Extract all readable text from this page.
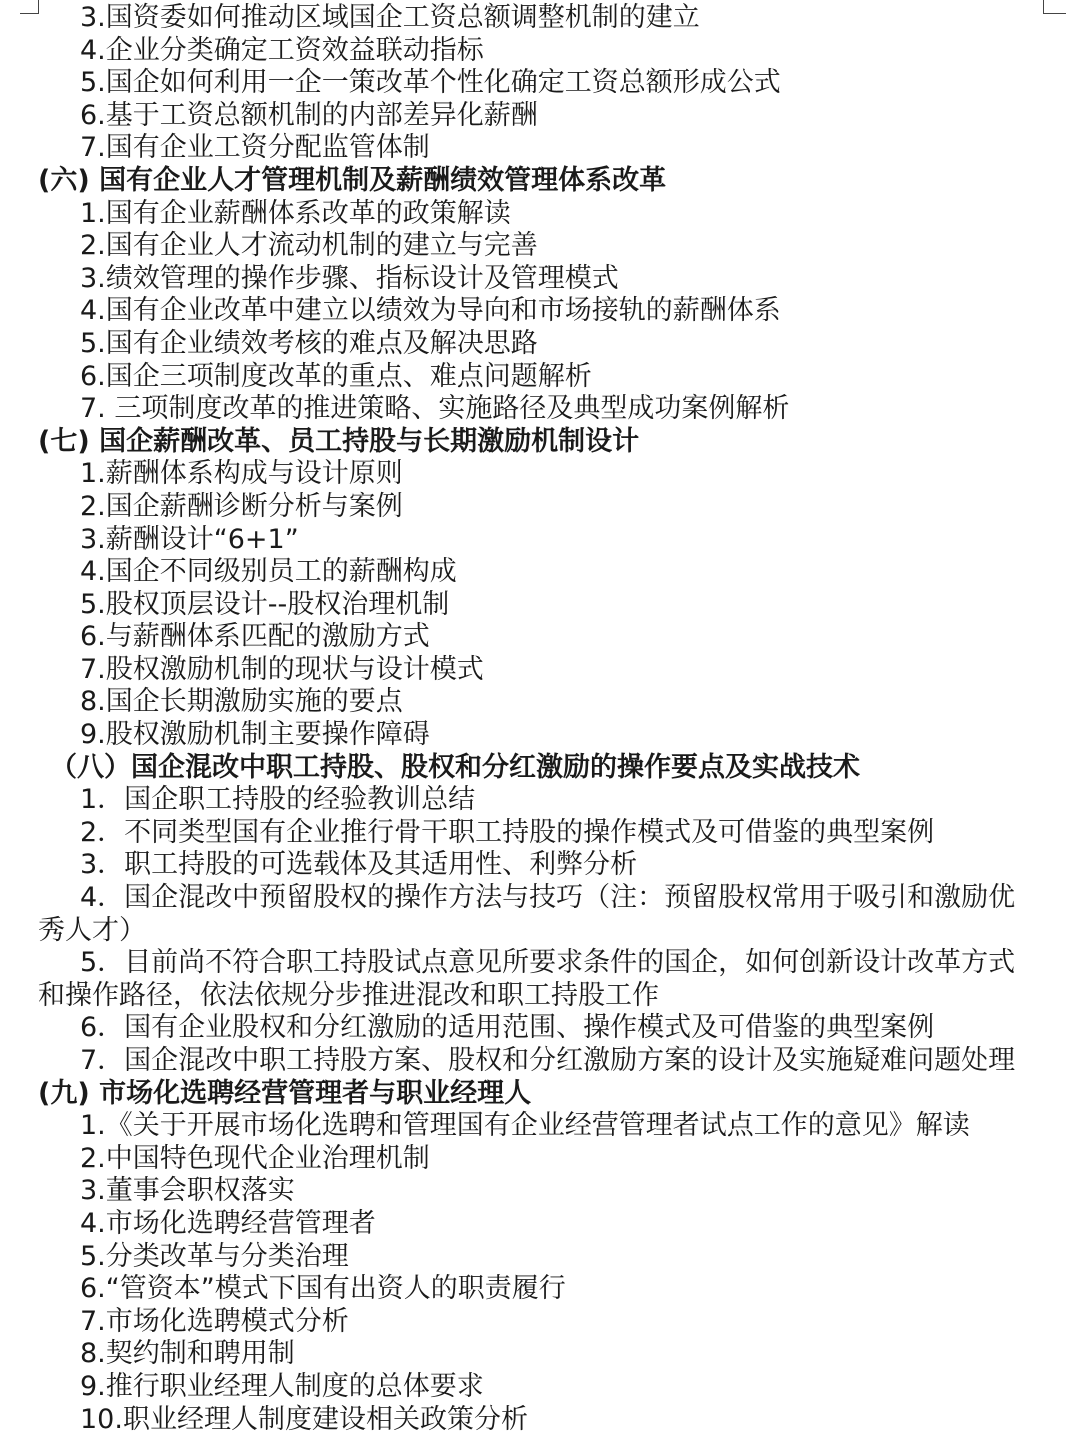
3.国资委如何推动区域国企工资总额调整机制的建立
4.企业分类确定工资效益联动指标
5.国企如何利用一企一策改革个性化确定工资总额形成公式
6.基于工资总额机制的内部差异化薪酬
7.国有企业工资分配监管体制
(六) 国有企业人才管理机制及薪酬绩效管理体系改革
1.国有企业薪酬体系改革的政策解读
2.国有企业人才流动机制的建立与完善
3.绩效管理的操作步骤、指标设计及管理模式
4.国有企业改革中建立以绩效为导向和市场接轨的薪酬体系
5.国有企业绩效考核的难点及解决思路
6.国企三项制度改革的重点、难点问题解析
7. 三项制度改革的推进策略、实施路径及典型成功案例解析
(七) 国企薪酬改革、员工持股与长期激励机制设计
1.薪酬体系构成与设计原则
2.国企薪酬诊断分析与案例
3.薪酬设计“6+1”
4.国企不同级别员工的薪酬构成
5.股权顶层设计--股权治理机制
6.与薪酬体系匹配的激励方式
7.股权激励机制的现状与设计模式
8.国企长期激励实施的要点
9.股权激励机制主要操作障碍
（八）国企混改中职工持股、股权和分红激励的操作要点及实战技术
1．国企职工持股的经验教训总结
2．不同类型国有企业推行骨干职工持股的操作模式及可借鉴的典型案例
3．职工持股的可选载体及其适用性、利弊分析
4．国企混改中预留股权的操作方法与技巧（注：预留股权常用于吸引和激励优
秀人才）
5．目前尚不符合职工持股试点意见所要求条件的国企，如何创新设计改革方式
和操作路径，依法依规分步推进混改和职工持股工作
6．国有企业股权和分红激励的适用范围、操作模式及可借鉴的典型案例
7．国企混改中职工持股方案、股权和分红激励方案的设计及实施疑难问题处理
(九) 市场化选聘经营管理者与职业经理人
1.《关于开展市场化选聘和管理国有企业经营管理者试点工作的意见》解读
2.中国特色现代企业治理机制
3.董事会职权落实
4.市场化选聘经营管理者
5.分类改革与分类治理
6.“管资本”模式下国有出资人的职责履行
7.市场化选聘模式分析
8.契约制和聘用制
9.推行职业经理人制度的总体要求
10.职业经理人制度建设相关政策分析
